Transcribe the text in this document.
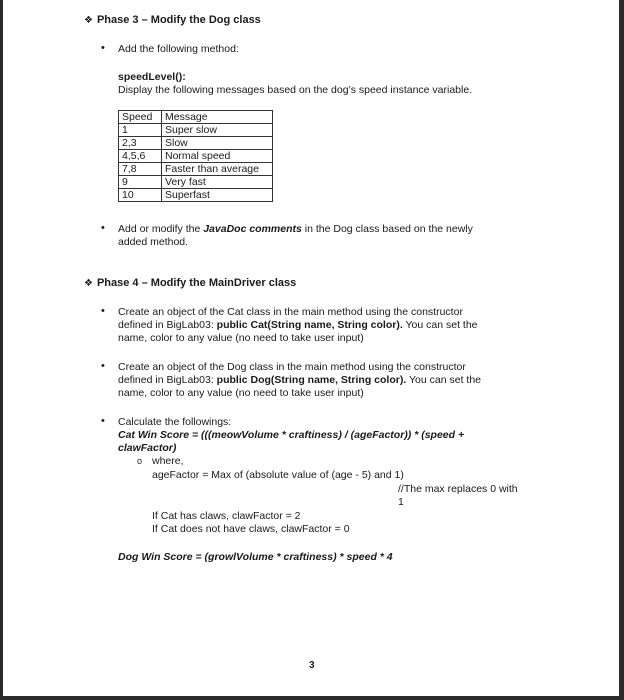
❖ Phase 3 – Modify the Dog class
• Add the following method:
speedLevel():
Display the following messages based on the dog’s speed instance variable.
Speed	Message
1	Super slow
2,3	Slow
4,5,6	Normal speed
7,8	Faster than average
9	Very fast
10	Superfast
• Add or modify the JavaDoc comments in the Dog class based on the newly
added method.
❖ Phase 4 – Modify the MainDriver class
• Create an object of the Cat class in the main method using the constructor
defined in BigLab03: public Cat(String name, String color). You can set the
name, color to any value (no need to take user input)
• Create an object of the Dog class in the main method using the constructor
defined in BigLab03: public Dog(String name, String color). You can set the
name, color to any value (no need to take user input)
• Calculate the followings:
Cat Win Score = (((meowVolume * craftiness) / (ageFactor)) * (speed +
clawFactor)
o where,
ageFactor = Max of (absolute value of (age - 5) and 1)
//The max replaces 0 with
1
If Cat has claws, clawFactor = 2
If Cat does not have claws, clawFactor = 0
Dog Win Score = (growlVolume * craftiness) * speed * 4
3
